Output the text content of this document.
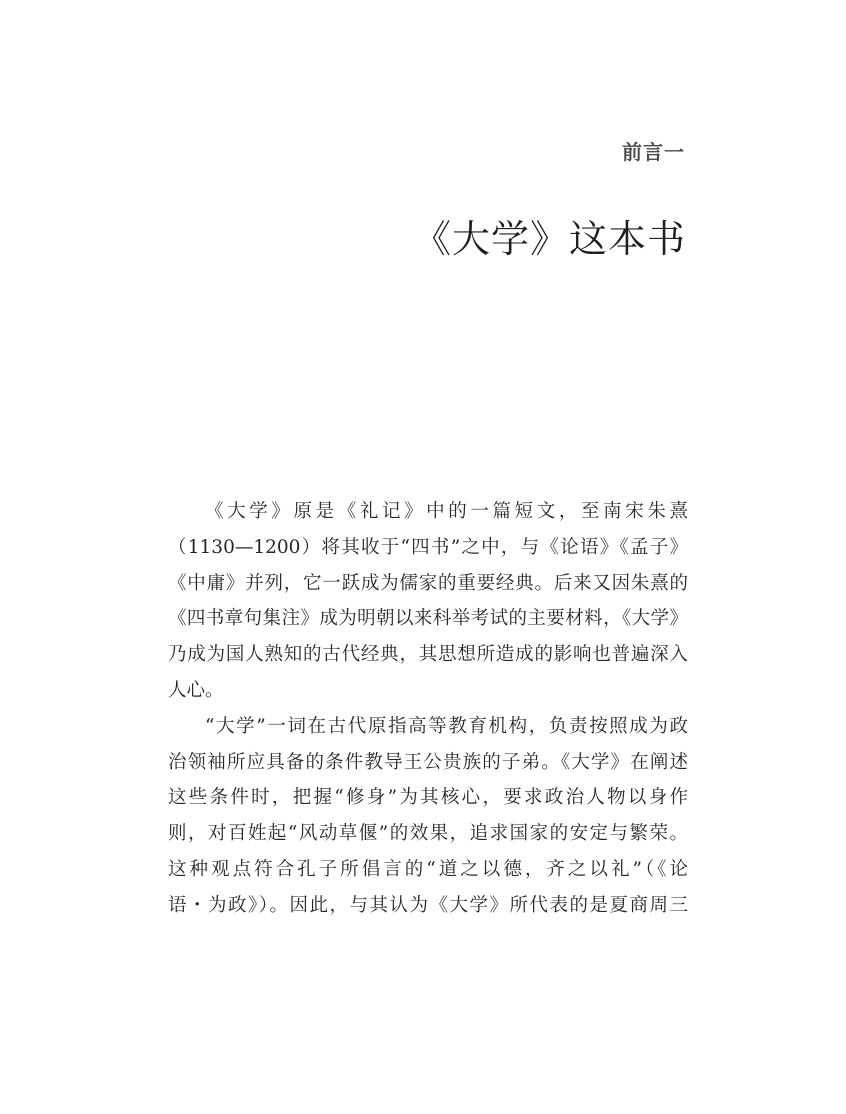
前言一
《大学》这本书
《大学》原是《礼记》中的一篇短文，至南宋朱熹
（1130—1200）将其收于“四书”之中，与《论语》《孟子》
《中庸》并列，它一跃成为儒家的重要经典。后来又因朱熹的
《四书章句集注》成为明朝以来科举考试的主要材料，《大学》
乃成为国人熟知的古代经典，其思想所造成的影响也普遍深入
人心。
“大学”一词在古代原指高等教育机构，负责按照成为政
治领袖所应具备的条件教导王公贵族的子弟。《大学》在阐述
这些条件时，把握“修身”为其核心，要求政治人物以身作
则，对百姓起“风动草偃”的效果，追求国家的安定与繁荣。
这种观点符合孔子所倡言的“道之以德，齐之以礼”（《论
语・为政》）。因此，与其认为《大学》所代表的是夏商周三
